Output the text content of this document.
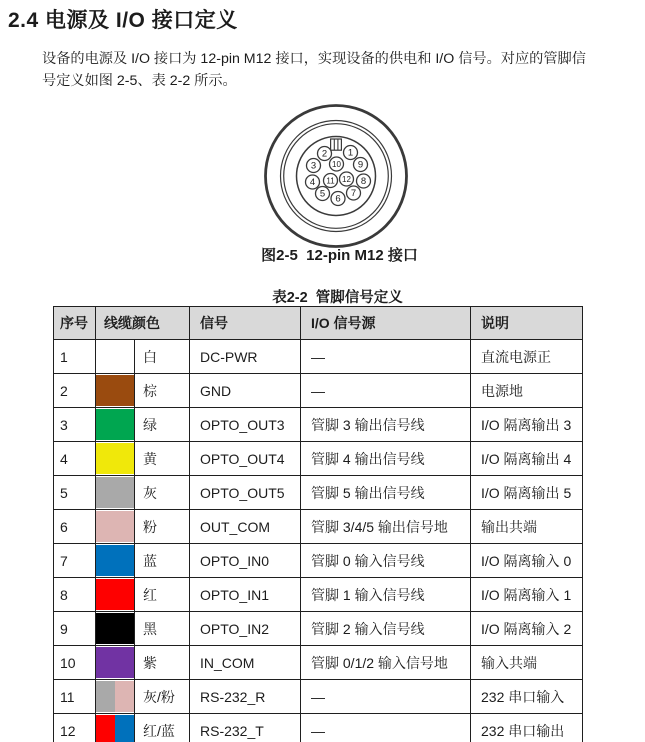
2.4 电源及 I/O 接口定义

设备的电源及 I/O 接口为 12-pin M12 接口，实现设备的供电和 I/O 信号。对应的管脚信
号定义如图 2-5、表 2-2 所示。

1
2
3
4
5 6 7
8
9
10
11 12

图2-5  12-pin M12 接口

表2-2  管脚信号定义

序号	线缆颜色		信号	I/O 信号源	说明
1		白	DC-PWR	—	直流电源正
2		棕	GND	—	电源地
3		绿	OPTO_OUT3	管脚 3 输出信号线	I/O 隔离输出 3
4		黄	OPTO_OUT4	管脚 4 输出信号线	I/O 隔离输出 4
5		灰	OPTO_OUT5	管脚 5 输出信号线	I/O 隔离输出 5
6		粉	OUT_COM	管脚 3/4/5 输出信号地	输出共端
7		蓝	OPTO_IN0	管脚 0 输入信号线	I/O 隔离输入 0
8		红	OPTO_IN1	管脚 1 输入信号线	I/O 隔离输入 1
9		黑	OPTO_IN2	管脚 2 输入信号线	I/O 隔离输入 2
10		紫	IN_COM	管脚 0/1/2 输入信号地	输入共端
11		灰/粉	RS-232_R	—	232 串口输入
12		红/蓝	RS-232_T	—	232 串口输出
